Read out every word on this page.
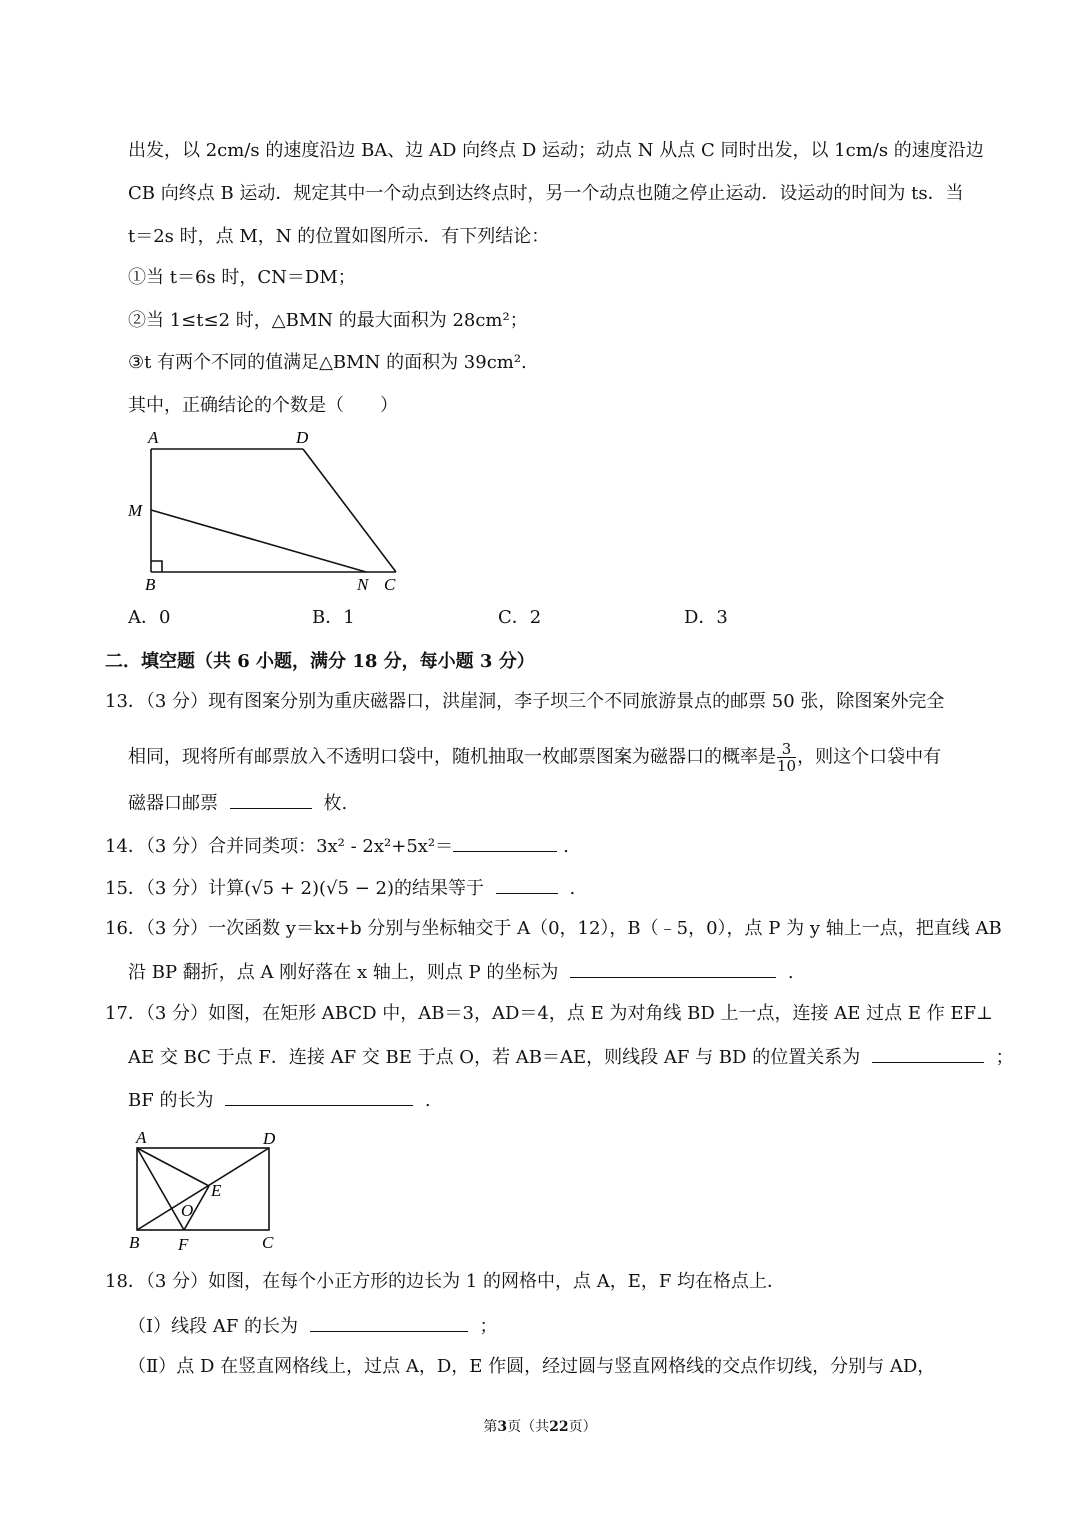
出发，以 2cm/s 的速度沿边 BA、边 AD 向终点 D 运动；动点 N 从点 C 同时出发，以 1cm/s 的速度沿边
CB 向终点 B 运动．规定其中一个动点到达终点时，另一个动点也随之停止运动．设运动的时间为 ts．当
t＝2s 时，点 M，N 的位置如图所示．有下列结论：
①当 t＝6s 时，CN＝DM；
②当 1≤t≤2 时，△BMN 的最大面积为 28cm²；
③t 有两个不同的值满足△BMN 的面积为 39cm².
其中，正确结论的个数是（　　）
A	D
M
B	N C
A．0	B．1	C．2	D．3
二．填空题（共 6 小题，满分 18 分，每小题 3 分）
13．（3 分）现有图案分别为重庆磁器口，洪崖洞，李子坝三个不同旅游景点的邮票 50 张，除图案外完全
相同，现将所有邮票放入不透明口袋中，随机抽取一枚邮票图案为磁器口的概率是 $\frac{3}{10}$ ，则这个口袋中有
磁器口邮票	枚.
14．（3 分）合并同类项：3x² - 2x²+5x²＝	.
15．（3 分）计算(√5 + 2)(√5 − 2)的结果等于	.
16．（3 分）一次函数 y＝kx+b 分别与坐标轴交于 A（0，12），B（﹣5，0），点 P 为 y 轴上一点，把直线 AB
沿 BP 翻折，点 A 刚好落在 x 轴上，则点 P 的坐标为	.
17．（3 分）如图，在矩形 ABCD 中，AB＝3，AD＝4，点 E 为对角线 BD 上一点，连接 AE 过点 E 作 EF⊥
AE 交 BC 于点 F．连接 AF 交 BE 于点 O，若 AB＝AE，则线段 AF 与 BD 的位置关系为	；
BF 的长为	.
A	D
E
O
B F	C
18．（3 分）如图，在每个小正方形的边长为 1 的网格中，点 A，E，F 均在格点上．
（Ⅰ）线段 AF 的长为	；
（Ⅱ）点 D 在竖直网格线上，过点 A，D，E 作圆，经过圆与竖直网格线的交点作切线，分别与 AD，
第3页（共22页）
